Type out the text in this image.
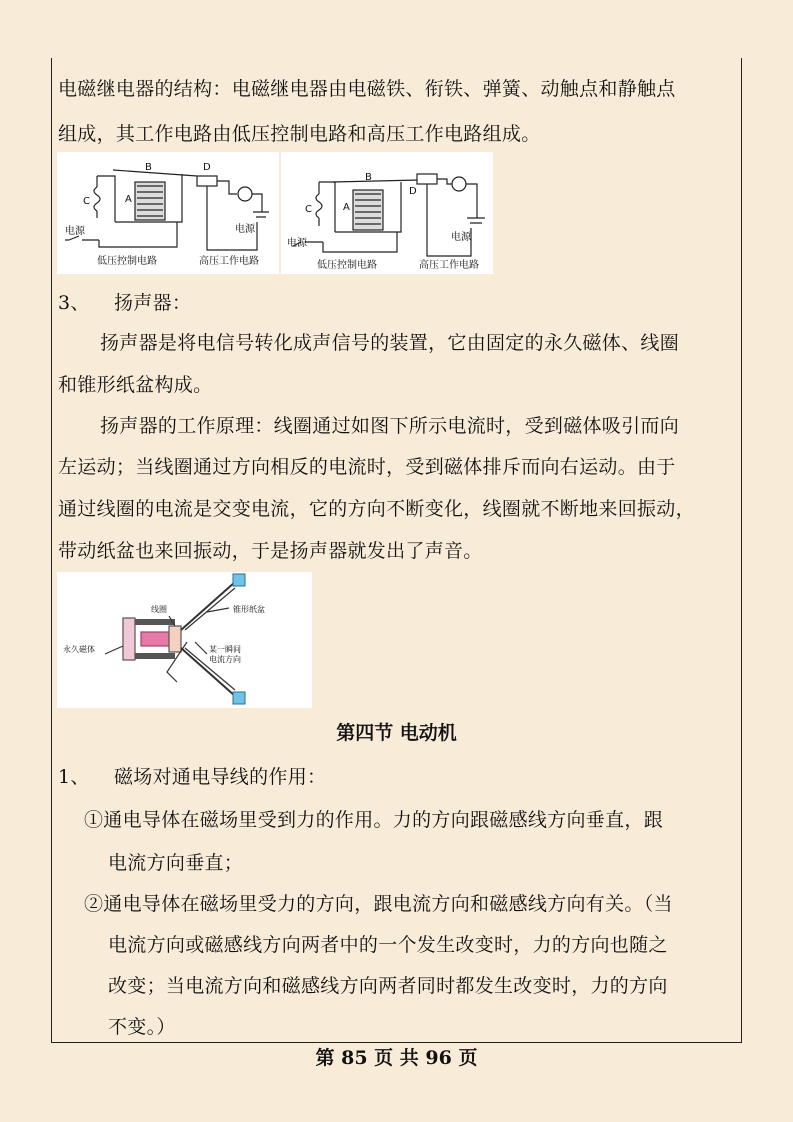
电磁继电器的结构：电磁继电器由电磁铁、衔铁、弹簧、动触点和静触点
组成，其工作电路由低压控制电路和高压工作电路组成。
B	D
A
C
电源	电源
低压控制电路	高压工作电路
B
D
A
C
电源
电源
低压控制电路	高压工作电路
3、 扬声器：
扬声器是将电信号转化成声信号的装置，它由固定的永久磁体、线圈
和锥形纸盆构成。
扬声器的工作原理：线圈通过如图下所示电流时，受到磁体吸引而向
左运动；当线圈通过方向相反的电流时，受到磁体排斥而向右运动。由于
通过线圈的电流是交变电流，它的方向不断变化，线圈就不断地来回振动，
带动纸盆也来回振动，于是扬声器就发出了声音。
线圈	锥形纸盆
永久磁体	某一瞬间
电流方向
第四节 电动机
1、 磁场对通电导线的作用：
①通电导体在磁场里受到力的作用。力的方向跟磁感线方向垂直，跟
电流方向垂直；
②通电导体在磁场里受力的方向，跟电流方向和磁感线方向有关。（当
电流方向或磁感线方向两者中的一个发生改变时，力的方向也随之
改变；当电流方向和磁感线方向两者同时都发生改变时，力的方向
不变。）
第 85 页 共 96 页
